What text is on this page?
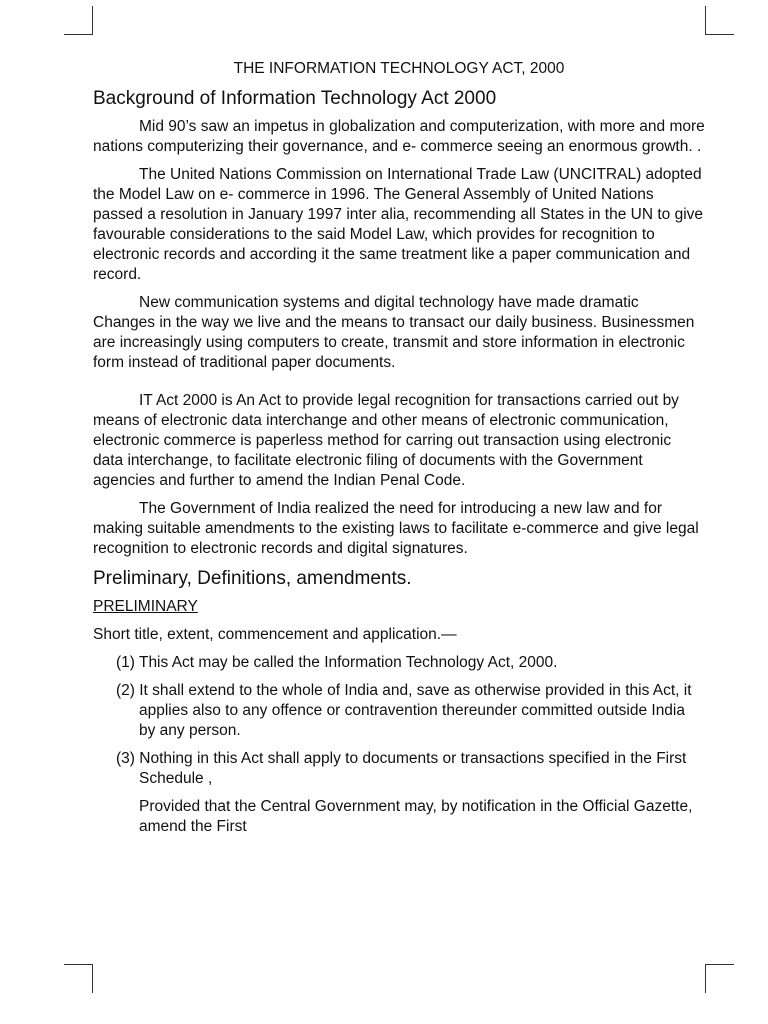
THE INFORMATION TECHNOLOGY ACT, 2000
Background of Information Technology Act 2000

Mid 90’s saw an impetus in globalization and computerization, with more and more nations computerizing their governance, and e- commerce seeing an enormous growth. .

The United Nations Commission on International Trade Law (UNCITRAL) adopted the Model Law on e- commerce in 1996. The General Assembly of United Nations passed a resolution in January 1997 inter alia, recommending all States in the UN to give favourable considerations to the said Model Law, which provides for recognition to electronic records and according it the same treatment like a paper communication and record.

New communication systems and digital technology have made dramatic

Changes in the way we live and the means to transact our daily business. Businessmen are increasingly using computers to create, transmit and store information in electronic form instead of traditional paper documents.

IT Act 2000 is An Act to provide legal recognition for transactions carried out by means of electronic data interchange and other means of electronic communication, electronic commerce is paperless method for carring out transaction using electronic data interchange, to facilitate electronic filing of documents with the Government agencies and further to amend the Indian Penal Code.

The Government of India realized the need for introducing a new law and for making suitable amendments to the existing laws to facilitate e-commerce and give legal recognition to electronic records and digital signatures.

Preliminary, Definitions, amendments.

PRELIMINARY

Short title, extent, commencement and application.—

(1) This Act may be called the Information Technology Act, 2000.
(2) It shall extend to the whole of India and, save as otherwise provided in this Act, it applies also to any offence or contravention thereunder committed outside India by any person.
(3) Nothing in this Act shall apply to documents or transactions specified in the First Schedule ,
Provided that the Central Government may, by notification in the Official Gazette, amend the First
